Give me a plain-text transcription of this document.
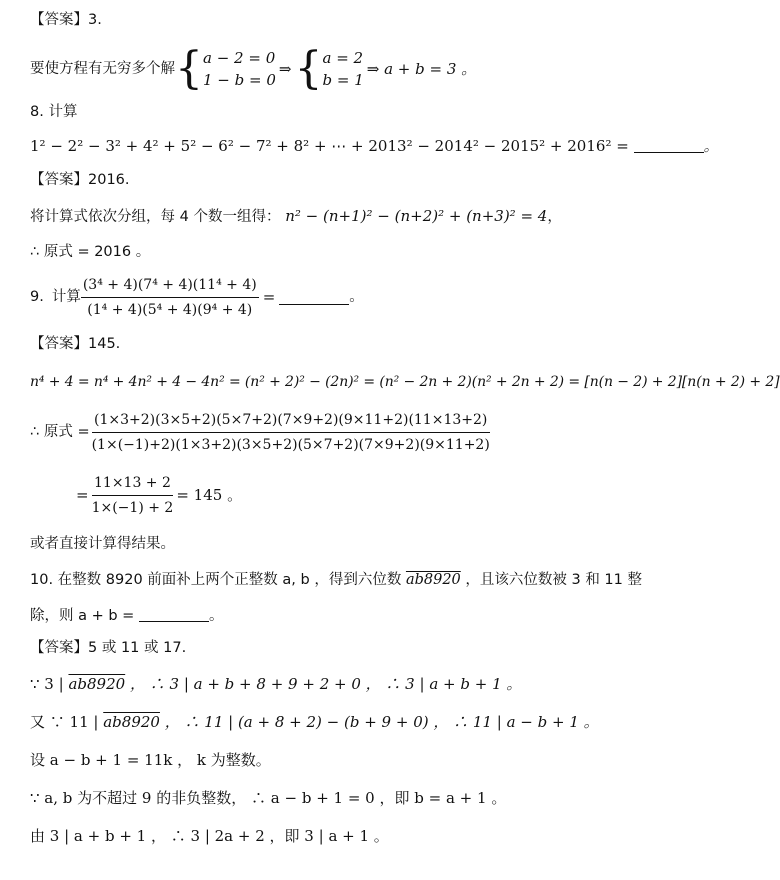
【答案】3.
要使方程有无穷多个解 { a − 2 = 0
1 − b = 0
⇒ { a = 2
b = 1
⇒ a + b = 3 。
8. 计算
1² − 2² − 3² + 4² + 5² − 6² − 7² + 8² + ⋯ + 2013² − 2014² − 2015² + 2016² =	。
【答案】2016.
将计算式依次分组，每 4 个数一组得： n² − (n+1)² − (n+2)² + (n+3)² = 4，
∴ 原式 = 2016 。
9. 计算 $\frac{\text{(3⁴ + 4)(7⁴ + 4)(11⁴ + 4)}}{\text{(1⁴ + 4)(5⁴ + 4)(9⁴ + 4)}}$ =	。
【答案】145.
n⁴ + 4 = n⁴ + 4n² + 4 − 4n² = (n² + 2)² − (2n)² = (n² − 2n + 2)(n² + 2n + 2) = [n(n − 2) + 2][n(n + 2) + 2]
∴ 原式 = $\frac{(1\times 3+2)(3\times 5+2)(5\times 7+2)(7\times 9+2)(9\times 11+2)(11\times 13+2)}{(1\times(-1)+2)(1\times 3+2)(3\times 5+2)(5\times 7+2)(7\times 9+2)(9\times 11+2)}$
= $\frac{11\times 13 + 2}{1\times(-1) + 2} = 145$ 。
或者直接计算得结果。
10. 在整数 8920 前面补上两个正整数 a, b ，得到六位数 ab8920 ，且该六位数被 3 和 11 整
除，则 a + b =	。
【答案】5 或 11 或 17.
∵ 3 | ab8920 ， ∴ 3 | a + b + 8 + 9 + 2 + 0 ， ∴ 3 | a + b + 1 。
又 ∵ 11 | ab8920 ， ∴ 11 | (a + 8 + 2) − (b + 9 + 0) ， ∴ 11 | a − b + 1 。
设 a − b + 1 = 11k ， k 为整数。
∵ a, b 为不超过 9 的非负整数， ∴ a − b + 1 = 0 ，即 b = a + 1 。
由 3 | a + b + 1 ， ∴ 3 | 2a + 2 ，即 3 | a + 1 。
